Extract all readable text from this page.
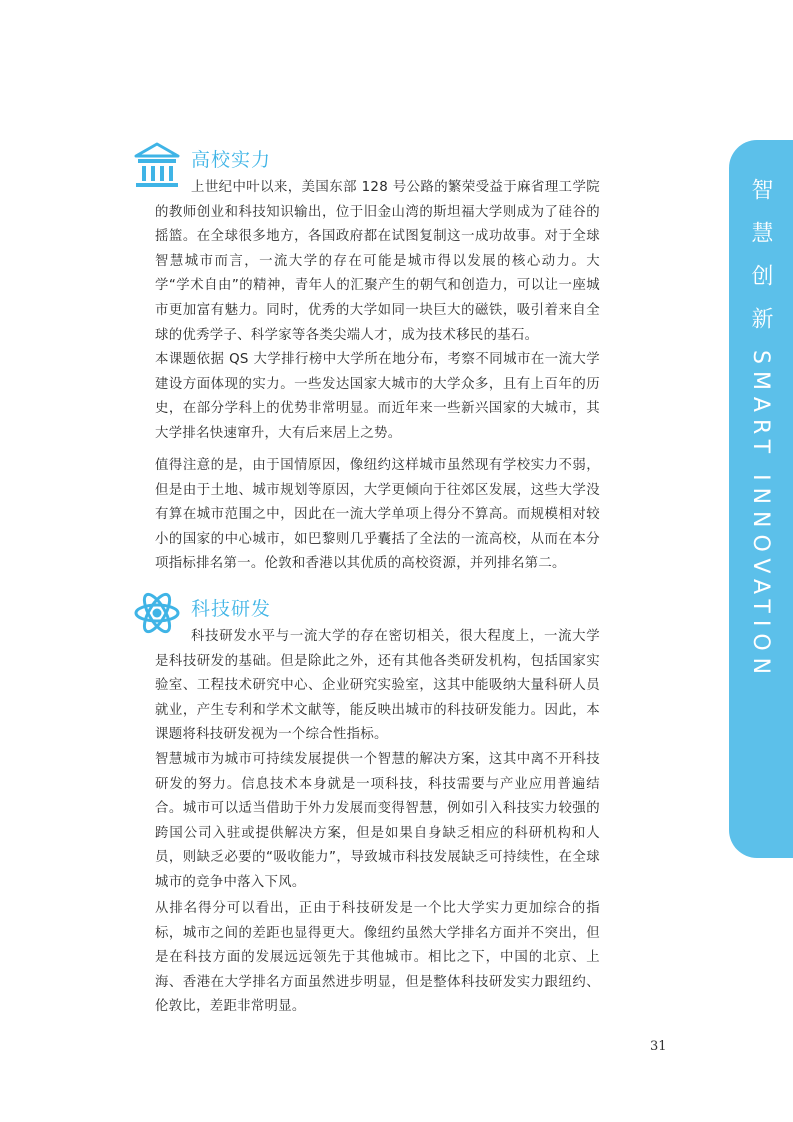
智 慧 创 新 SMART INNOVATION
高校实力

上世纪中叶以来，美国东部 128 号公路的繁荣受益于麻省理工学院的教师创业和科技知识输出，位于旧金山湾的斯坦福大学则成为了硅谷的摇篮。在全球很多地方，各国政府都在试图复制这一成功故事。对于全球智慧城市而言，一流大学的存在可能是城市得以发展的核心动力。大学“学术自由”的精神，青年人的汇聚产生的朝气和创造力，可以让一座城市更加富有魅力。同时，优秀的大学如同一块巨大的磁铁，吸引着来自全球的优秀学子、科学家等各类尖端人才，成为技术移民的基石。

本课题依据 QS 大学排行榜中大学所在地分布，考察不同城市在一流大学建设方面体现的实力。一些发达国家大城市的大学众多，且有上百年的历史，在部分学科上的优势非常明显。而近年来一些新兴国家的大城市，其大学排名快速窜升，大有后来居上之势。

值得注意的是，由于国情原因，像纽约这样城市虽然现有学校实力不弱，但是由于土地、城市规划等原因，大学更倾向于往郊区发展，这些大学没有算在城市范围之中，因此在一流大学单项上得分不算高。而规模相对较小的国家的中心城市，如巴黎则几乎囊括了全法的一流高校，从而在本分项指标排名第一。伦敦和香港以其优质的高校资源，并列排名第二。

科技研发

科技研发水平与一流大学的存在密切相关，很大程度上，一流大学是科技研发的基础。但是除此之外，还有其他各类研发机构，包括国家实验室、工程技术研究中心、企业研究实验室，这其中能吸纳大量科研人员就业，产生专利和学术文献等，能反映出城市的科技研发能力。因此，本课题将科技研发视为一个综合性指标。

智慧城市为城市可持续发展提供一个智慧的解决方案，这其中离不开科技研发的努力。信息技术本身就是一项科技，科技需要与产业应用普遍结合。城市可以适当借助于外力发展而变得智慧，例如引入科技实力较强的跨国公司入驻或提供解决方案，但是如果自身缺乏相应的科研机构和人员，则缺乏必要的“吸收能力”，导致城市科技发展缺乏可持续性，在全球城市的竞争中落入下风。

从排名得分可以看出，正由于科技研发是一个比大学实力更加综合的指标，城市之间的差距也显得更大。像纽约虽然大学排名方面并不突出，但是在科技方面的发展远远领先于其他城市。相比之下，中国的北京、上海、香港在大学排名方面虽然进步明显，但是整体科技研发实力跟纽约、伦敦比，差距非常明显。

31
